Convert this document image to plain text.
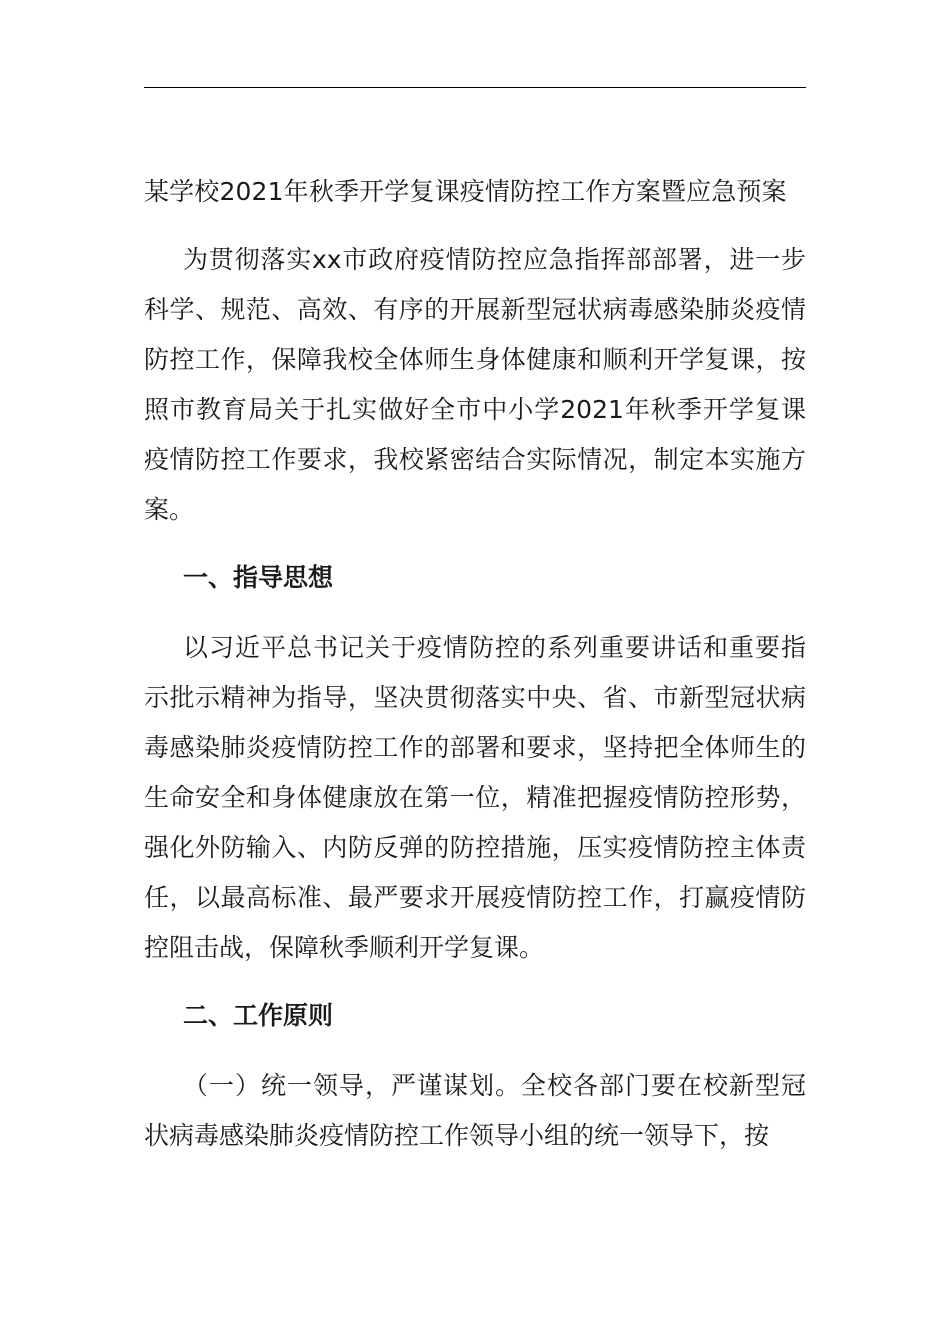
某学校2021年秋季开学复课疫情防控工作方案暨应急预案

为贯彻落实xx市政府疫情防控应急指挥部部署，进一步科学、规范、高效、有序的开展新型冠状病毒感染肺炎疫情防控工作，保障我校全体师生身体健康和顺利开学复课，按照市教育局关于扎实做好全市中小学2021年秋季开学复课疫情防控工作要求，我校紧密结合实际情况，制定本实施方案。

一、指导思想

以习近平总书记关于疫情防控的系列重要讲话和重要指示批示精神为指导，坚决贯彻落实中央、省、市新型冠状病毒感染肺炎疫情防控工作的部署和要求，坚持把全体师生的生命安全和身体健康放在第一位，精准把握疫情防控形势，强化外防输入、内防反弹的防控措施，压实疫情防控主体责任，以最高标准、最严要求开展疫情防控工作，打赢疫情防控阻击战，保障秋季顺利开学复课。

二、工作原则

（一）统一领导，严谨谋划。全校各部门要在校新型冠状病毒感染肺炎疫情防控工作领导小组的统一领导下，按
